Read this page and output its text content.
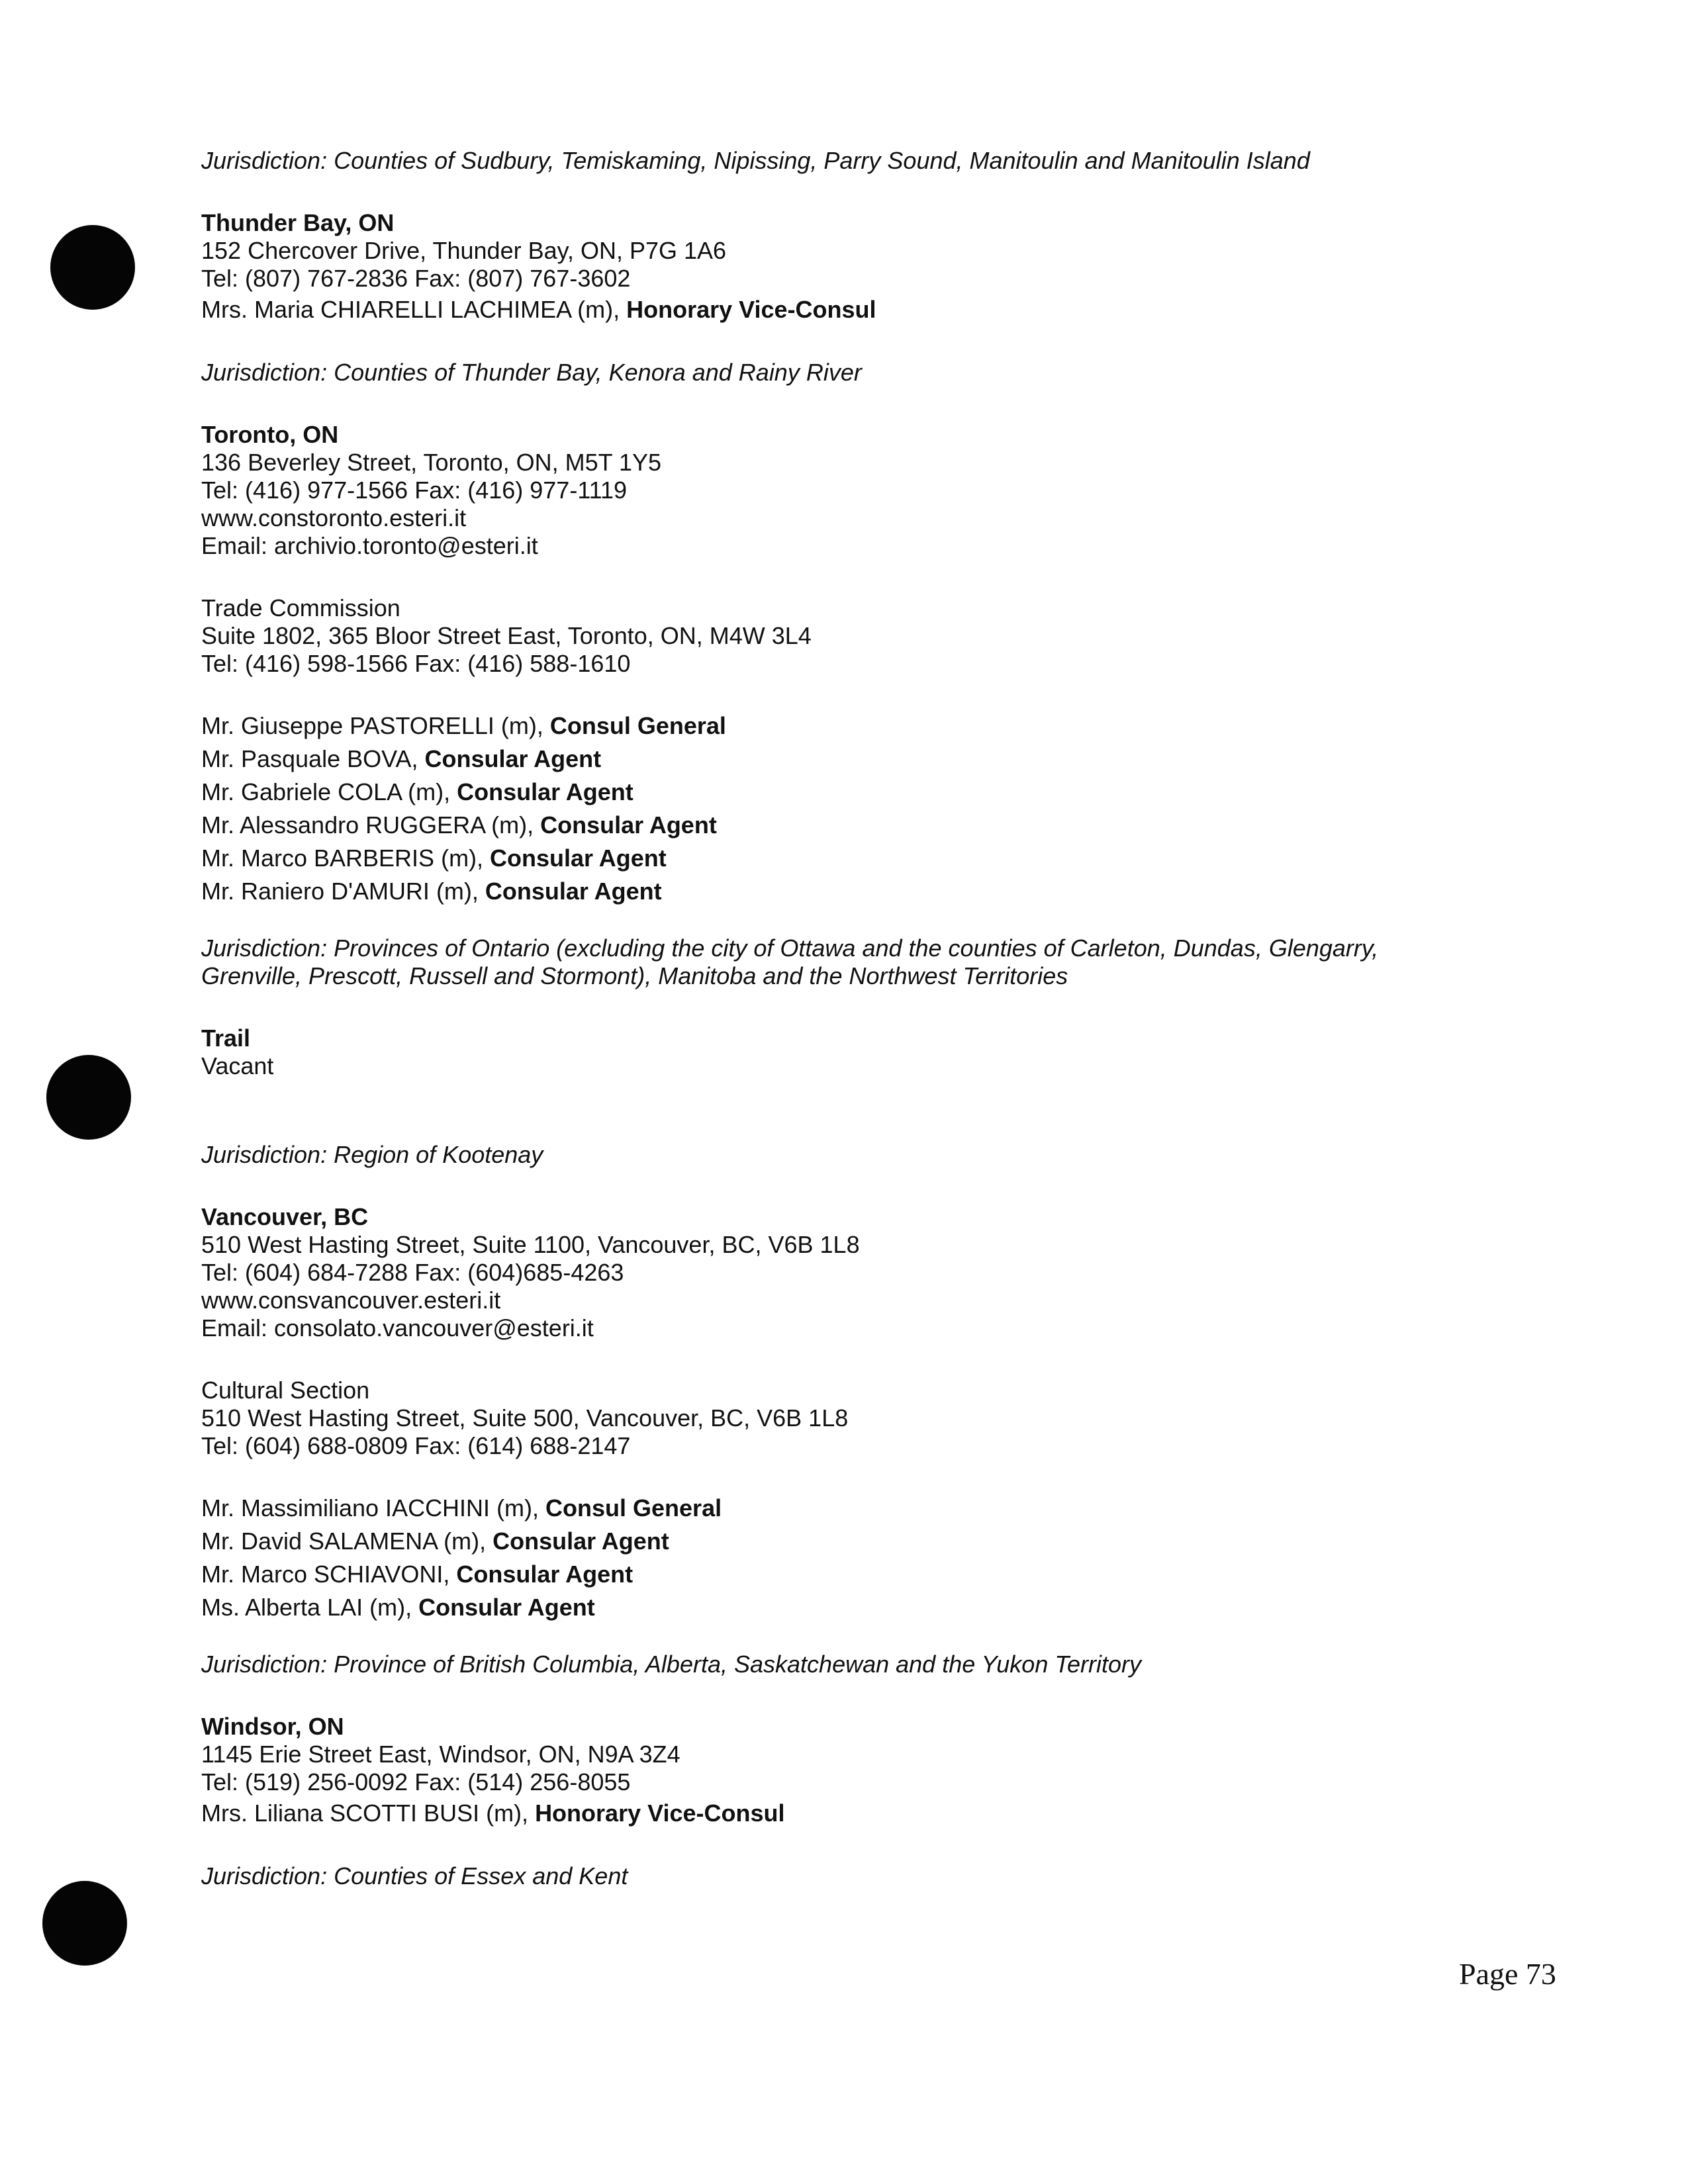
Jurisdiction: Counties of Sudbury, Temiskaming, Nipissing, Parry Sound, Manitoulin and Manitoulin Island
Thunder Bay, ON
152 Chercover Drive, Thunder Bay, ON, P7G 1A6
Tel: (807) 767-2836 Fax: (807) 767-3602
Mrs. Maria CHIARELLI LACHIMEA (m), Honorary Vice-Consul
Jurisdiction: Counties of Thunder Bay, Kenora and Rainy River
Toronto, ON
136 Beverley Street, Toronto, ON, M5T 1Y5
Tel: (416) 977-1566 Fax: (416) 977-1119
www.constoronto.esteri.it
Email: archivio.toronto@esteri.it
Trade Commission
Suite 1802, 365 Bloor Street East, Toronto, ON, M4W 3L4
Tel: (416) 598-1566 Fax: (416) 588-1610
Mr. Giuseppe PASTORELLI (m), Consul General
Mr. Pasquale BOVA, Consular Agent
Mr. Gabriele COLA (m), Consular Agent
Mr. Alessandro RUGGERA (m), Consular Agent
Mr. Marco BARBERIS (m), Consular Agent
Mr. Raniero D'AMURI (m), Consular Agent
Jurisdiction: Provinces of Ontario (excluding the city of Ottawa and the counties of Carleton, Dundas, Glengarry,
Grenville, Prescott, Russell and Stormont), Manitoba and the Northwest Territories
Trail
Vacant
Jurisdiction: Region of Kootenay
Vancouver, BC
510 West Hasting Street, Suite 1100, Vancouver, BC, V6B 1L8
Tel: (604) 684-7288 Fax: (604)685-4263
www.consvancouver.esteri.it
Email: consolato.vancouver@esteri.it
Cultural Section
510 West Hasting Street, Suite 500, Vancouver, BC, V6B 1L8
Tel: (604) 688-0809 Fax: (614) 688-2147
Mr. Massimiliano IACCHINI (m), Consul General
Mr. David SALAMENA (m), Consular Agent
Mr. Marco SCHIAVONI, Consular Agent
Ms. Alberta LAI (m), Consular Agent
Jurisdiction: Province of British Columbia, Alberta, Saskatchewan and the Yukon Territory
Windsor, ON
1145 Erie Street East, Windsor, ON, N9A 3Z4
Tel: (519) 256-0092 Fax: (514) 256-8055
Mrs. Liliana SCOTTI BUSI (m), Honorary Vice-Consul
Jurisdiction: Counties of Essex and Kent
Page 73
